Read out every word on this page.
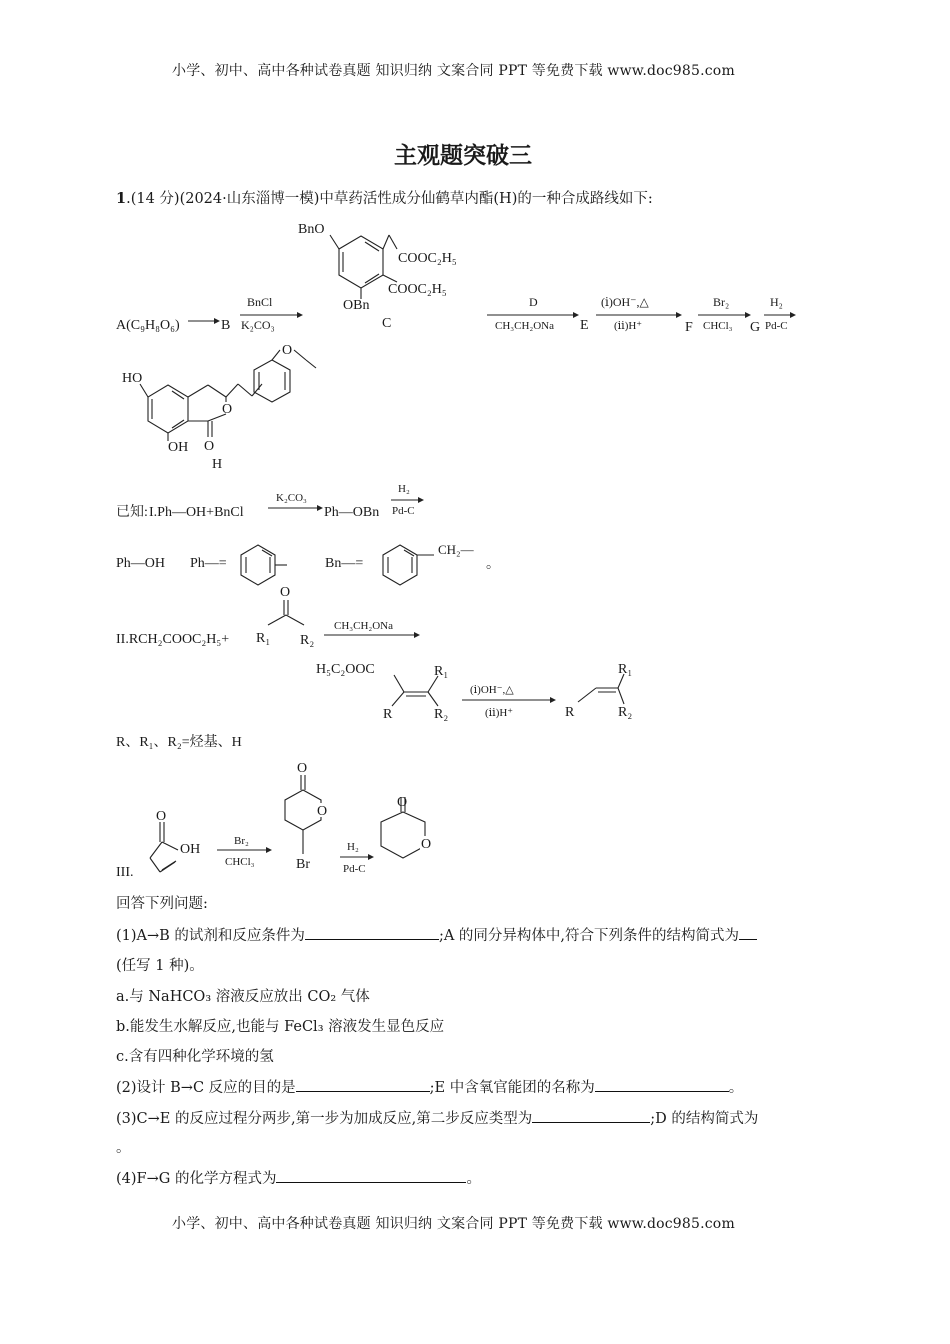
小学、初中、高中各种试卷真题 知识归纳 文案合同 PPT 等免费下载 www.doc985.com
小学、初中、高中各种试卷真题 知识归纳 文案合同 PPT 等免费下载 www.doc985.com
主观题突破三
1.(14 分)(2024·山东淄博一模)中草药活性成分仙鹤草内酯(H)的一种合成路线如下:
A(C₉H₈O₆)	B
BnCl
K₂CO₃
BnO
COOC₂H₅
COOC₂H₅
OBn
C
D
CH₃CH₂ONa E
(ⅰ)OH⁻,△
(ⅱ)H⁺	F
Br₂
CHCl₃ G
H₂
Pd-C
HO
OH
O
O
O
H
已知: I.Ph—OH+BnCl
K₂CO₃
Ph—OBn
H₂
Pd-C
Ph—OH Ph—=	Bn—=
CH₂—
。
II.RCH₂COOC₂H₅+
O
R₁ R₂
CH₃CH₂ONa
H₅C₂OOC
R
R₁
R₂
(ⅰ)OH⁻,△
(ⅱ)H⁺	R
R₁
R₂
R、R₁、R₂=烃基、H
III.
O
OH
Br₂
CHCl₃
O
O
Br
H₂
Pd-C
O
O
回答下列问题:
(1)A→B 的试剂和反应条件为	;A 的同分异构体中,符合下列条件的结构简式为
(任写 1 种)。
a.与 NaHCO₃ 溶液反应放出 CO₂ 气体
b.能发生水解反应,也能与 FeCl₃ 溶液发生显色反应
c.含有四种化学环境的氢
(2)设计 B→C 反应的目的是	;E 中含氧官能团的名称为	。
(3)C→E 的反应过程分两步,第一步为加成反应,第二步反应类型为	;D 的结构简式为
。
(4)F→G 的化学方程式为	。
